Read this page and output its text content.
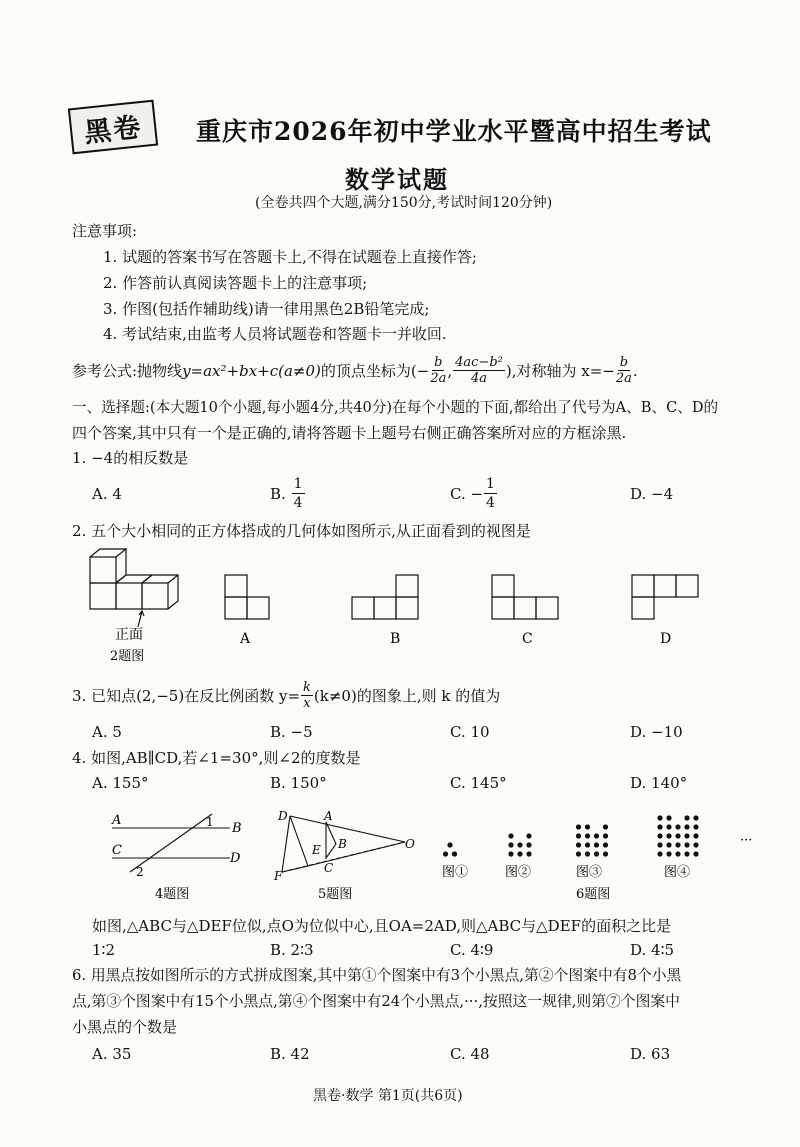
黑卷	重庆市2026年初中学业水平暨高中招生考试
数学试题
(全卷共四个大题,满分150分,考试时间120分钟)
注意事项:
1. 试题的答案书写在答题卡上,不得在试题卷上直接作答;
2. 作答前认真阅读答题卡上的注意事项;
3. 作图(包括作辅助线)请一律用黑色2B铅笔完成;
4. 考试结束,由监考人员将试题卷和答题卡一并收回.
参考公式:抛物线 y=ax²+bx+c(a≠0) 的顶点坐标为(− $\frac{b}{2a}$ , $\frac{\text{4ac−b²}}{4a}$ ),对称轴为 $x=- \frac{b}{2a}$ .
一、选择题:(本大题10个小题,每小题4分,共40分)在每个小题的下面,都给出了代号为A、B、C、D的
四个答案,其中只有一个是正确的,请将答题卡上题号右侧正确答案所对应的方框涂黑.
1. −4的相反数是
A. 4	B.
$\frac{1}{4}$	C. − $\frac{1}{4}$	D. −4
2. 五个大小相同的正方体搭成的几何体如图所示,从正面看到的视图是
正面
2题图
A	B	C	D
3. 已知点(2,−5)在反比例函数 $y= \frac{k}{x} (k\ne 0)$的图象上,则 k 的值为
A. 5	B. −5	C. 10	D. −10
4. 如图,AB∥CD,若∠1=30°,则∠2的度数是
A. 155°	B. 150°	C. 145°	D. 140°
A
B
C
D
1
2
4题图
D	A
E B
C
F
O
5题图
图①	图②	图③	图④
···
6题图
如图,△ABC与△DEF位似,点O为位似中心,且OA=2AD,则△ABC与△DEF的面积之比是
1∶2	B. 2∶3	C. 4∶9	D. 4∶5
6. 用黑点按如图所示的方式拼成图案,其中第①个图案中有3个小黑点,第②个图案中有8个小黑
点,第③个图案中有15个小黑点,第④个图案中有24个小黑点,···,按照这一规律,则第⑦个图案中
小黑点的个数是
A. 35	B. 42	C. 48	D. 63
黑卷·数学 第1页(共6页)
